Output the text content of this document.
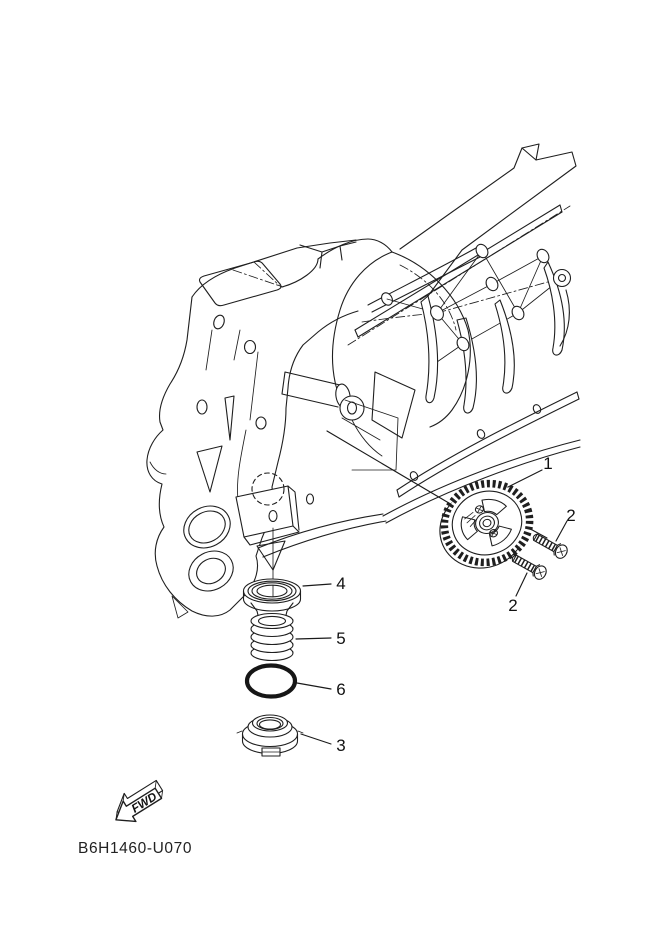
1
2
2
4
5
6
3
FWD
B6H1460-U070
